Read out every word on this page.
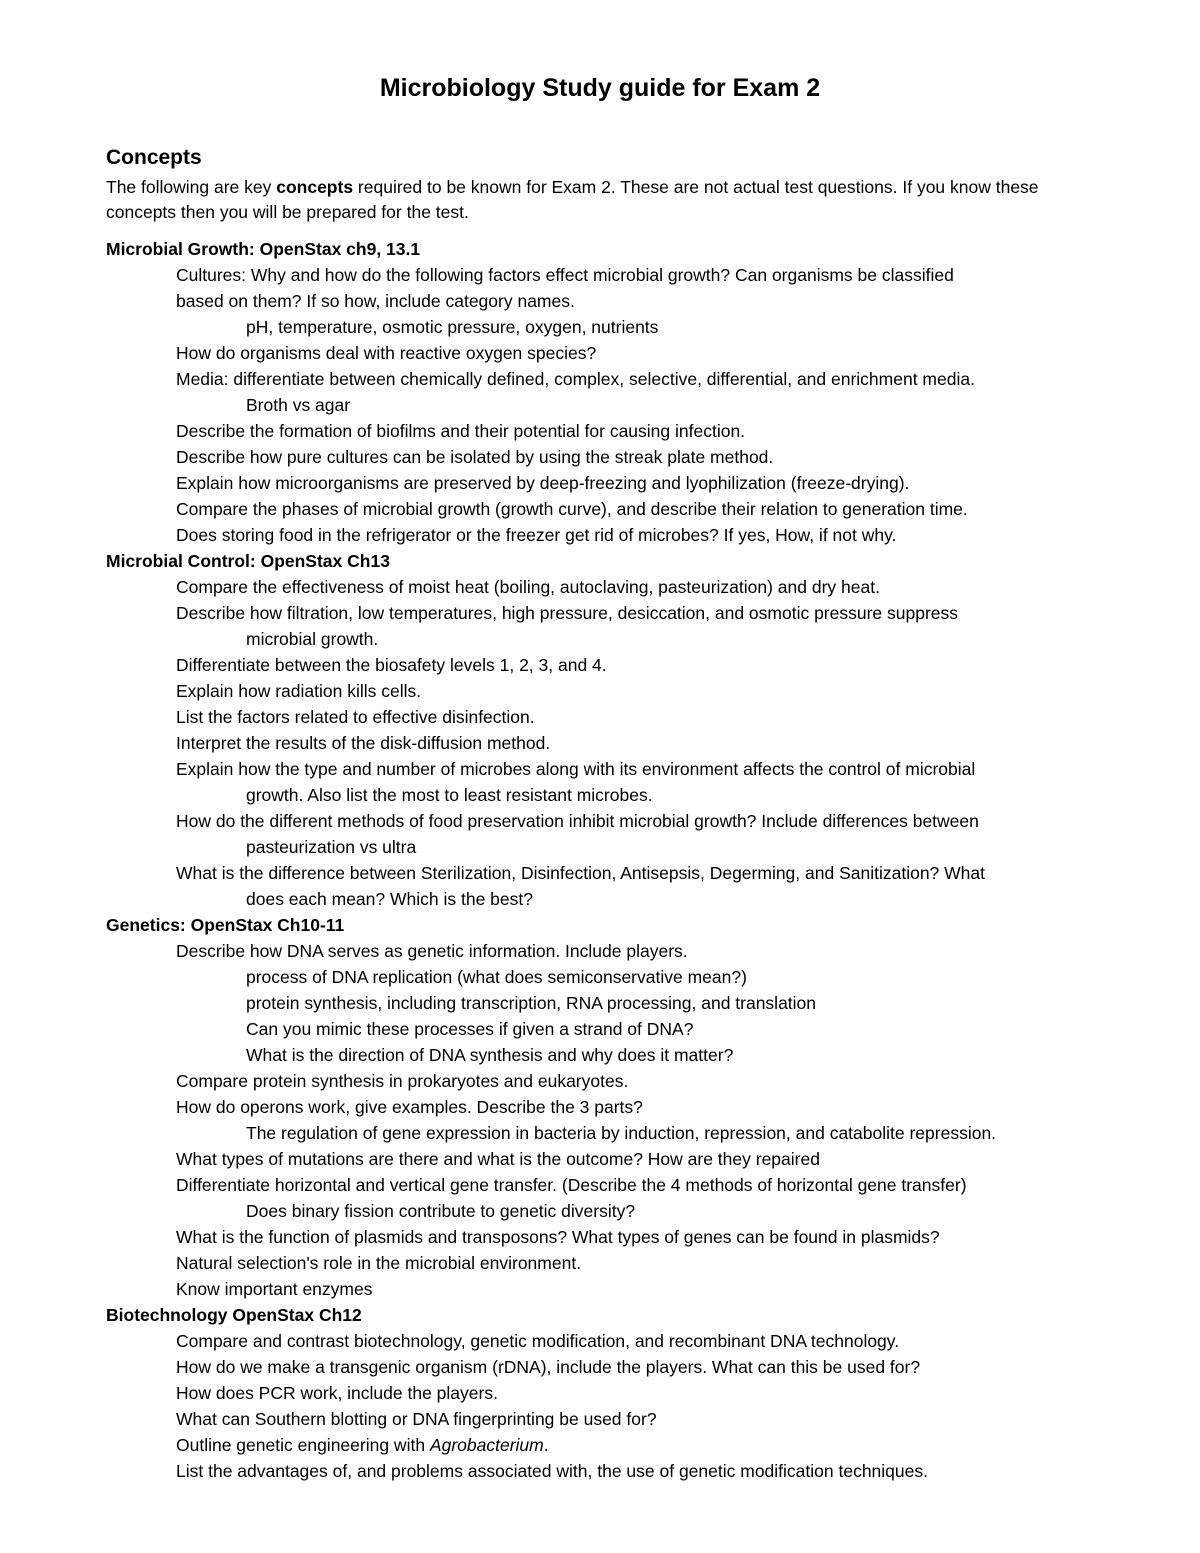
Microbiology Study guide for Exam 2
Concepts
The following are key concepts required to be known for Exam 2. These are not actual test questions. If you know these concepts then you will be prepared for the test.
Microbial Growth: OpenStax ch9, 13.1
Cultures: Why and how do the following factors effect microbial growth? Can organisms be classified
based on them? If so how, include category names.
pH, temperature, osmotic pressure, oxygen, nutrients
How do organisms deal with reactive oxygen species?
Media: differentiate between chemically defined, complex, selective, differential, and enrichment media.
Broth vs agar
Describe the formation of biofilms and their potential for causing infection.
Describe how pure cultures can be isolated by using the streak plate method.
Explain how microorganisms are preserved by deep-freezing and lyophilization (freeze-drying).
Compare the phases of microbial growth (growth curve), and describe their relation to generation time.
Does storing food in the refrigerator or the freezer get rid of microbes? If yes, How, if not why.
Microbial Control: OpenStax Ch13
Compare the effectiveness of moist heat (boiling, autoclaving, pasteurization) and dry heat.
Describe how filtration, low temperatures, high pressure, desiccation, and osmotic pressure suppress
microbial growth.
Differentiate between the biosafety levels 1, 2, 3, and 4.
Explain how radiation kills cells.
List the factors related to effective disinfection.
Interpret the results of the disk-diffusion method.
Explain how the type and number of microbes along with its environment affects the control of microbial
growth. Also list the most to least resistant microbes.
How do the different methods of food preservation inhibit microbial growth? Include differences between
pasteurization vs ultra
What is the difference between Sterilization, Disinfection, Antisepsis, Degerming, and Sanitization? What
does each mean? Which is the best?
Genetics: OpenStax Ch10-11
Describe how DNA serves as genetic information. Include players.
process of DNA replication (what does semiconservative mean?)
protein synthesis, including transcription, RNA processing, and translation
Can you mimic these processes if given a strand of DNA?
What is the direction of DNA synthesis and why does it matter?
Compare protein synthesis in prokaryotes and eukaryotes.
How do operons work, give examples. Describe the 3 parts?
The regulation of gene expression in bacteria by induction, repression, and catabolite repression.
What types of mutations are there and what is the outcome? How are they repaired
Differentiate horizontal and vertical gene transfer. (Describe the 4 methods of horizontal gene transfer)
Does binary fission contribute to genetic diversity?
What is the function of plasmids and transposons? What types of genes can be found in plasmids?
Natural selection's role in the microbial environment.
Know important enzymes
Biotechnology OpenStax Ch12
Compare and contrast biotechnology, genetic modification, and recombinant DNA technology.
How do we make a transgenic organism (rDNA), include the players. What can this be used for?
How does PCR work, include the players.
What can Southern blotting or DNA fingerprinting be used for?
Outline genetic engineering with Agrobacterium.
List the advantages of, and problems associated with, the use of genetic modification techniques.
